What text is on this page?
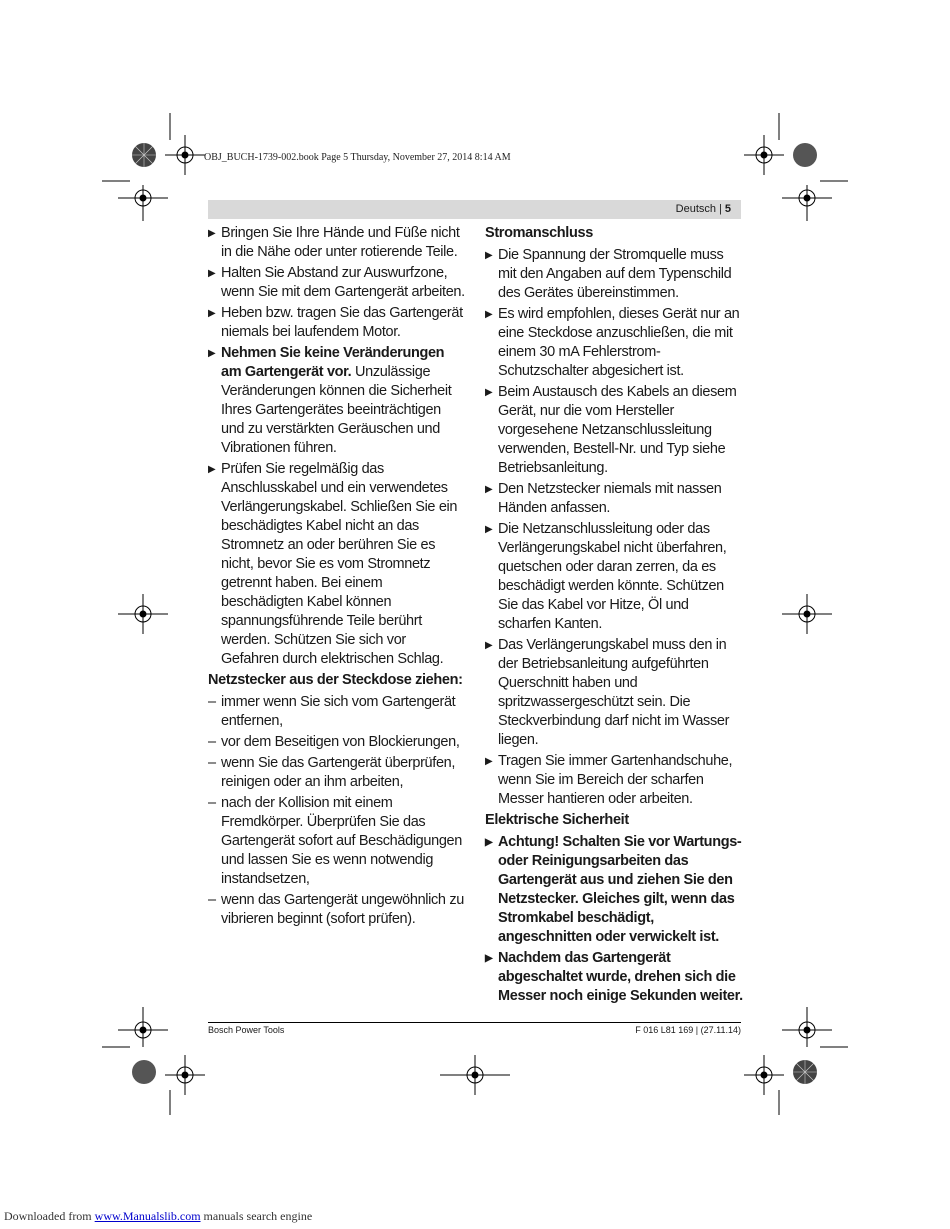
OBJ_BUCH-1739-002.book Page 5 Thursday, November 27, 2014 8:14 AM
Deutsch | 5
▶ Bringen Sie Ihre Hände und Füße nicht in die Nähe oder unter rotierende Teile.
▶ Halten Sie Abstand zur Auswurfzone, wenn Sie mit dem Gartengerät arbeiten.
▶ Heben bzw. tragen Sie das Gartengerät niemals bei laufendem Motor.
▶ Nehmen Sie keine Veränderungen am Gartengerät vor. Unzulässige Veränderungen können die Sicherheit Ihres Gartengerätes beeinträchtigen und zu verstärkten Geräuschen und Vibrationen führen.
▶ Prüfen Sie regelmäßig das Anschlusskabel und ein verwendetes Verlängerungskabel. Schließen Sie ein beschädigtes Kabel nicht an das Stromnetz an oder berühren Sie es nicht, bevor Sie es vom Stromnetz getrennt haben. Bei einem beschädigten Kabel können spannungsführende Teile berührt werden. Schützen Sie sich vor Gefahren durch elektrischen Schlag.
Netzstecker aus der Steckdose ziehen:
– immer wenn Sie sich vom Gartengerät entfernen,
– vor dem Beseitigen von Blockierungen,
– wenn Sie das Gartengerät überprüfen, reinigen oder an ihm arbeiten,
– nach der Kollision mit einem Fremdkörper. Überprüfen Sie das Gartengerät sofort auf Beschädigungen und lassen Sie es wenn notwendig instandsetzen,
– wenn das Gartengerät ungewöhnlich zu vibrieren beginnt (sofort prüfen).
Stromanschluss
▶ Die Spannung der Stromquelle muss mit den Angaben auf dem Typenschild des Gerätes übereinstimmen.
▶ Es wird empfohlen, dieses Gerät nur an eine Steckdose anzuschließen, die mit einem 30 mA Fehlerstrom-Schutzschalter abgesichert ist.
▶ Beim Austausch des Kabels an diesem Gerät, nur die vom Hersteller vorgesehene Netzanschlussleitung verwenden, Bestell-Nr. und Typ siehe Betriebsanleitung.
▶ Den Netzstecker niemals mit nassen Händen anfassen.
▶ Die Netzanschlussleitung oder das Verlängerungskabel nicht überfahren, quetschen oder daran zerren, da es beschädigt werden könnte. Schützen Sie das Kabel vor Hitze, Öl und scharfen Kanten.
▶ Das Verlängerungskabel muss den in der Betriebsanleitung aufgeführten Querschnitt haben und spritzwassergeschützt sein. Die Steckverbindung darf nicht im Wasser liegen.
▶ Tragen Sie immer Gartenhandschuhe, wenn Sie im Bereich der scharfen Messer hantieren oder arbeiten.
Elektrische Sicherheit
▶ Achtung! Schalten Sie vor Wartungs- oder Reinigungsarbeiten das Gartengerät aus und ziehen Sie den Netzstecker. Gleiches gilt, wenn das Stromkabel beschädigt, angeschnitten oder verwickelt ist.
▶ Nachdem das Gartengerät abgeschaltet wurde, drehen sich die Messer noch einige Sekunden weiter.
Bosch Power Tools	F 016 L81 169 | (27.11.14)
Downloaded from www.Manualslib.com manuals search engine
